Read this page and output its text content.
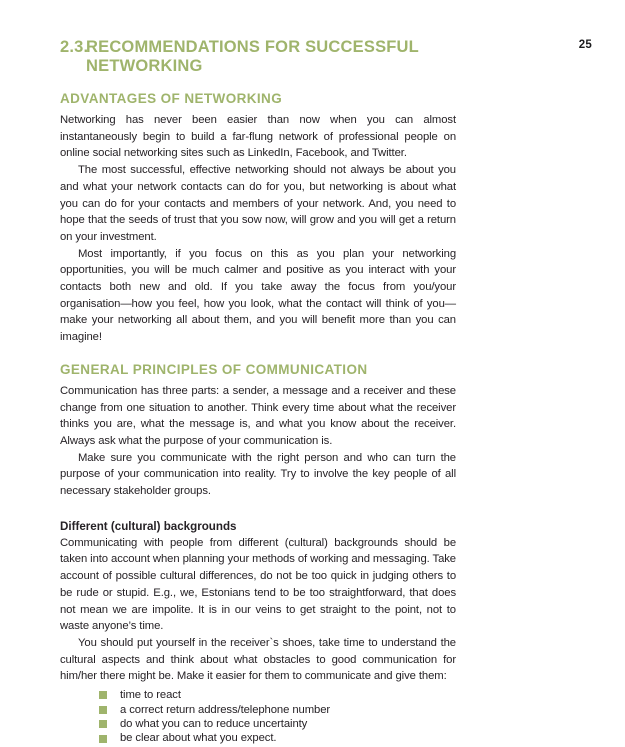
25
2.3.
RECOMMENDATIONS FOR SUCCESSFUL NETWORKING
ADVANTAGES OF NETWORKING

Networking has never been easier than now when you can almost instantaneously begin to build a far-flung network of professional people on online social networking sites such as LinkedIn, Facebook, and Twitter.

The most successful, effective networking should not always be about you and what your network contacts can do for you, but networking is about what you can do for your contacts and members of your network. And, you need to hope that the seeds of trust that you sow now, will grow and you will get a return on your investment.

Most importantly, if you focus on this as you plan your networking opportunities, you will be much calmer and positive as you interact with your contacts both new and old. If you take away the focus from you/your organisation—how you feel, how you look, what the contact will think of you—make your networking all about them, and you will benefit more than you can imagine!

GENERAL PRINCIPLES OF COMMUNICATION

Communication has three parts: a sender, a message and a receiver and these change from one situation to another. Think every time about what the receiver thinks you are, what the message is, and what you know about the receiver. Always ask what the purpose of your communication is.

Make sure you communicate with the right person and who can turn the purpose of your communication into reality. Try to involve the key people of all necessary stakeholder groups.

Different (cultural) backgrounds

Communicating with people from different (cultural) backgrounds should be taken into account when planning your methods of working and messaging. Take account of possible cultural differences, do not be too quick in judging others to be rude or stupid. E.g., we, Estonians tend to be too straightforward, that does not mean we are impolite. It is in our veins to get straight to the point, not to waste anyone’s time.

You should put yourself in the receiver`s shoes, take time to understand the cultural aspects and think about what obstacles to good communication for him/her there might be. Make it easier for them to communicate and give them:

time to react
a correct return address/telephone number
do what you can to reduce uncertainty
be clear about what you expect.
